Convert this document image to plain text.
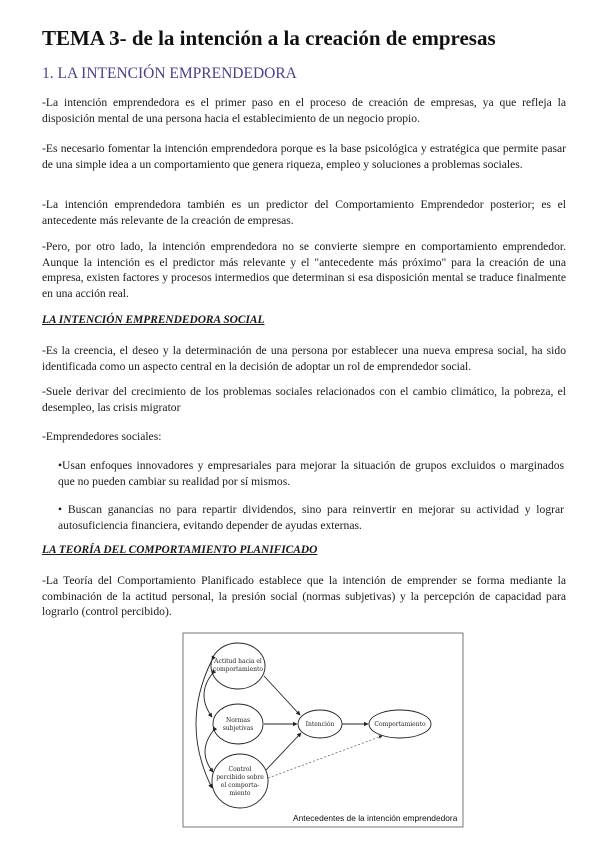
TEMA 3- de la intención a la creación de empresas
1. LA INTENCIÓN EMPRENDEDORA

-La intención emprendedora es el primer paso en el proceso de creación de empresas, ya que refleja la disposición mental de una persona hacia el establecimiento de un negocio propio.

-Es necesario fomentar la intención emprendedora porque es la base psicológica y estratégica que permite pasar de una simple idea a un comportamiento que genera riqueza, empleo y soluciones a problemas sociales.

-La intención emprendedora también es un predictor del Comportamiento Emprendedor posterior; es el antecedente más relevante de la creación de empresas.

-Pero, por otro lado, la intención emprendedora no se convierte siempre en comportamiento emprendedor. Aunque la intención es el predictor más relevante y el "antecedente más próximo" para la creación de una empresa, existen factores y procesos intermedios que determinan si esa disposición mental se traduce finalmente en una acción real.

LA INTENCIÓN EMPRENDEDORA SOCIAL

-Es la creencia, el deseo y la determinación de una persona por establecer una nueva empresa social, ha sido identificada como un aspecto central en la decisión de adoptar un rol de emprendedor social.

-Suele derivar del crecimiento de los problemas sociales relacionados con el cambio climático, la pobreza, el desempleo, las crisis migrator

-Emprendedores sociales:

•Usan enfoques innovadores y empresariales para mejorar la situación de grupos excluidos o marginados que no pueden cambiar su realidad por sí mismos.

• Buscan ganancias no para repartir dividendos, sino para reinvertir en mejorar su actividad y lograr autosuficiencia financiera, evitando depender de ayudas externas.

LA TEORÍA DEL COMPORTAMIENTO PLANIFICADO

-La Teoría del Comportamiento Planificado establece que la intención de emprender se forma mediante la combinación de la actitud personal, la presión social (normas subjetivas) y la percepción de capacidad para lograrlo (control percibido).

Actitud hacia el
comportamiento
Normas
subjetivas
Control
percibido sobre
el comporta-
miento
Intención	Comportamiento
Antecedentes de la intención emprendedora
